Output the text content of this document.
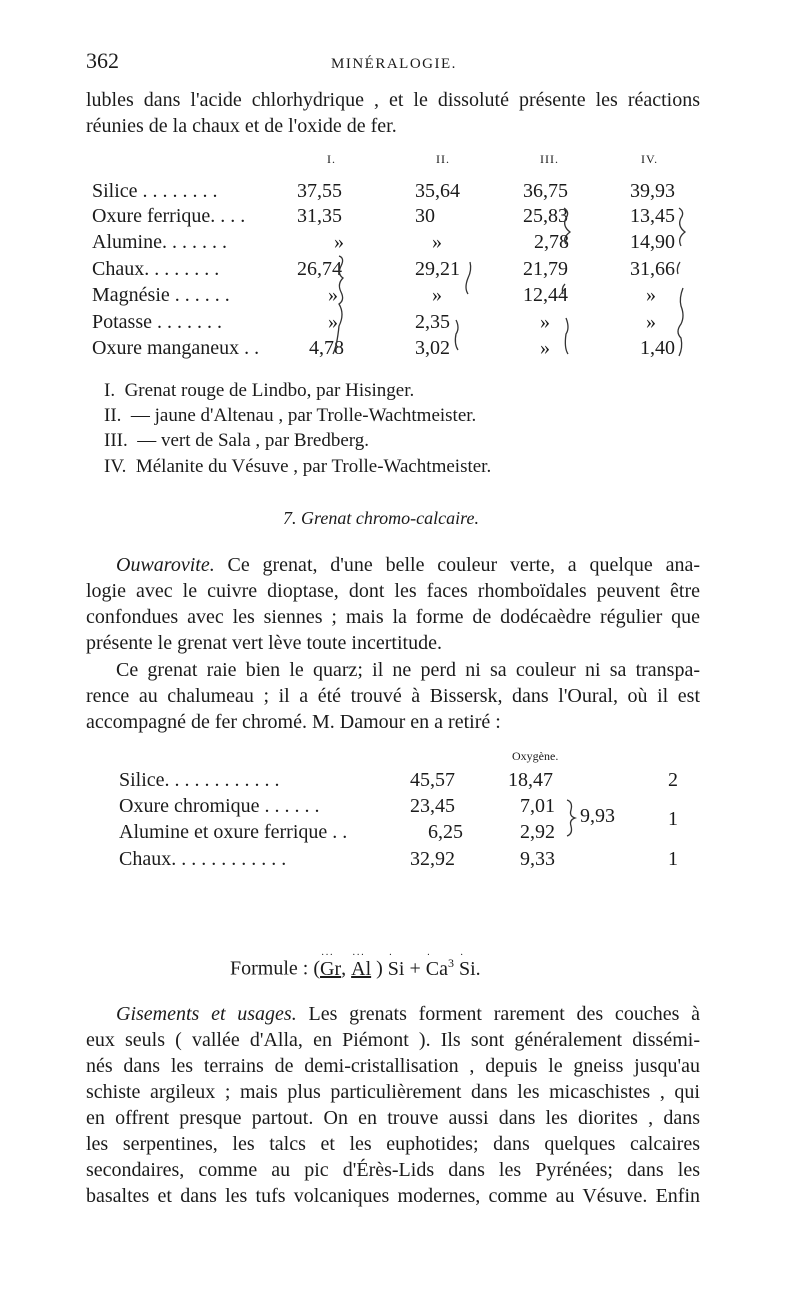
362	MINÉRALOGIE.
lubles dans l'acide chlorhydrique , et le dissoluté présente les réactions
réunies de la chaux et de l'oxide de fer.
I.	II.	III.	IV.
Silice . . . . . . . .	37,55	35,64	36,75	39,93
Oxure ferrique. . . .	31,35	30	25,83	13,45
Alumine. . . . . . .	»	»	2,78	14,90
Chaux. . . . . . . .	26,74	29,21	21,79	31,66
Magnésie . . . . . .	»	»	12,44	»
Potasse . . . . . . .	»	2,35	»	»
Oxure manganeux . . 4,78	3,02	»	1,40
I. Grenat rouge de Lindbo, par Hisinger.
II. — jaune d'Altenau , par Trolle-Wachtmeister.
III. — vert de Sala , par Bredberg.
IV. Mélanite du Vésuve , par Trolle-Wachtmeister.
7. Grenat chromo-calcaire.
Ouwarovite. Ce grenat, d'une belle couleur verte, a quelque ana-
logie avec le cuivre dioptase, dont les faces rhomboïdales peuvent être
confondues avec les siennes ; mais la forme de dodécaèdre régulier que
présente le grenat vert lève toute incertitude.
Ce grenat raie bien le quarz; il ne perd ni sa couleur ni sa transpa-
rence au chalumeau ; il a été trouvé à Bissersk, dans l'Oural, où il est
accompagné de fer chromé. M. Damour en a retiré :
Oxygène.
Silice. . . . . . . . . . . .	45,57	18,47	2
Oxure chromique . . . . . .	23,45	7,01
Alumine et oxure ferrique . .	6,25	2,92
9,93	1
Chaux. . . . . . . . . . . .	32,92	9,33	1
Formule : (
···
Gr,
···
Al )
·
Si +
·
$Ca^3$
·
Si.
Gisements et usages. Les grenats forment rarement des couches à
eux seuls ( vallée d'Alla, en Piémont ). Ils sont généralement dissémi-
nés dans les terrains de demi-cristallisation , depuis le gneiss jusqu'au
schiste argileux ; mais plus particulièrement dans les micaschistes , qui
en offrent presque partout. On en trouve aussi dans les diorites , dans
les serpentines, les talcs et les euphotides; dans quelques calcaires
secondaires, comme au pic d'Érès-Lids dans les Pyrénées; dans les
basaltes et dans les tufs volcaniques modernes, comme au Vésuve. Enfin
